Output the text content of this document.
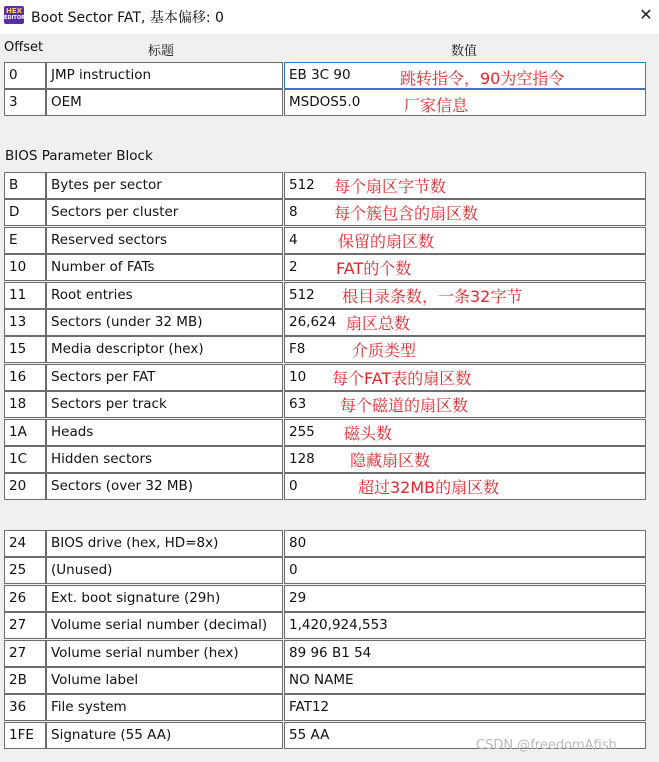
HEX
EDITOR Boot Sector FAT, 基本偏移: 0	✕
Offset	标题	数值
0	JMP instruction	EB 3C 90	跳转指令，90为空指令
3	OEM	MSDOS5.0	厂家信息
BIOS Parameter Block
B	Bytes per sector	512	每个扇区字节数
D	Sectors per cluster	8	每个簇包含的扇区数
E	Reserved sectors	4	保留的扇区数
10	Number of FATs	2	FAT的个数
11	Root entries	512	根目录条数，一条32字节
13	Sectors (under 32 MB)	26,624 扇区总数
15	Media descriptor (hex)	F8	介质类型
16	Sectors per FAT	10	每个FAT表的扇区数
18	Sectors per track	63	每个磁道的扇区数
1A	Heads	255	磁头数
1C	Hidden sectors	128	隐藏扇区数
20	Sectors (over 32 MB)	0	超过32MB的扇区数
24	BIOS drive (hex, HD=8x)	80
25	(Unused)	0
26	Ext. boot signature (29h)	29
27	Volume serial number (decimal)	1,420,924,553
27	Volume serial number (hex)	89 96 B1 54
2B	Volume label	NO NAME
36	File system	FAT12
1FE	Signature (55 AA)	55 AA
CSDN @freedomAfish
